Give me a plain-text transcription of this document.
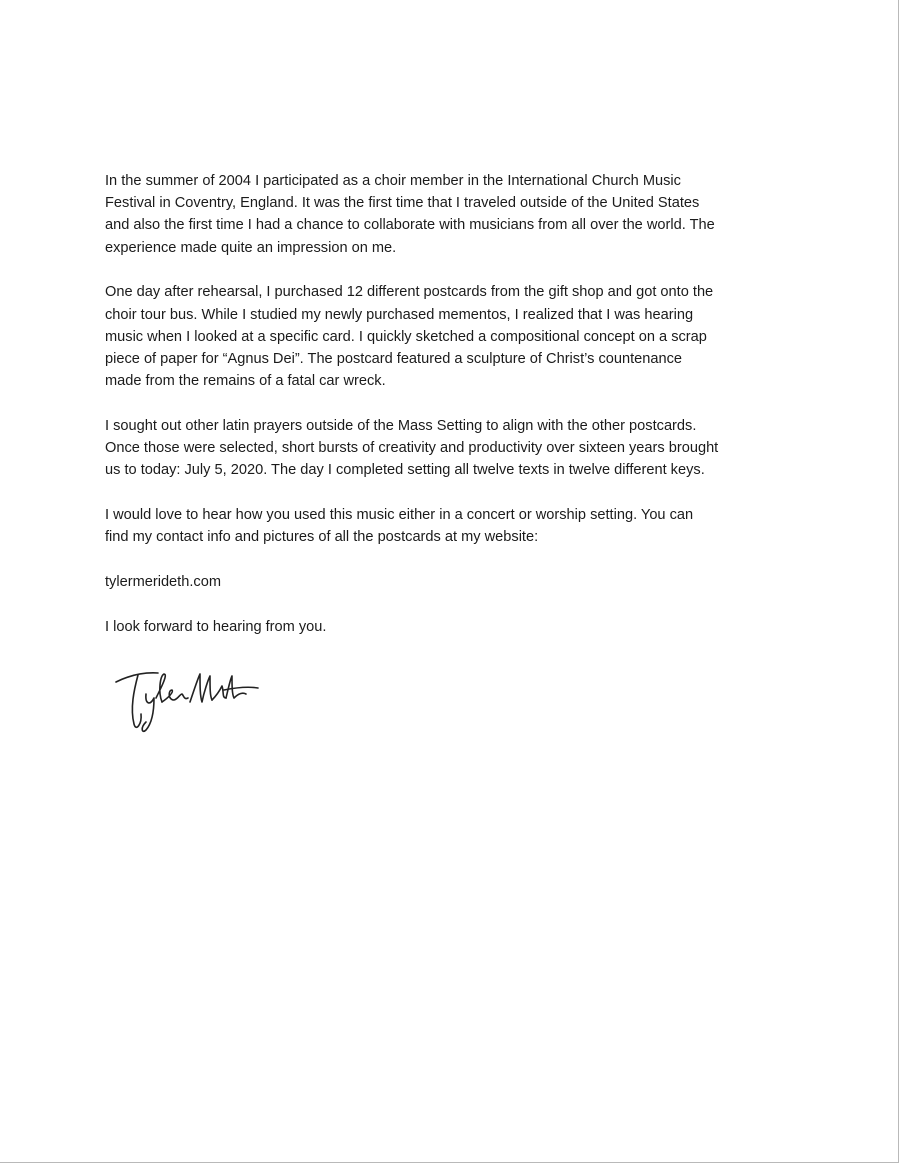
In the summer of 2004 I participated as a choir member in the International Church Music
Festival in Coventry, England. It was the first time that I traveled outside of the United States
and also the first time I had a chance to collaborate with musicians from all over the world. The
experience made quite an impression on me.

One day after rehearsal, I purchased 12 different postcards from the gift shop and got onto the
choir tour bus. While I studied my newly purchased mementos, I realized that I was hearing
music when I looked at a specific card. I quickly sketched a compositional concept on a scrap
piece of paper for “Agnus Dei”. The postcard featured a sculpture of Christ’s countenance
made from the remains of a fatal car wreck.

I sought out other latin prayers outside of the Mass Setting to align with the other postcards.
Once those were selected, short bursts of creativity and productivity over sixteen years brought
us to today: July 5, 2020. The day I completed setting all twelve texts in twelve different keys.

I would love to hear how you used this music either in a concert or worship setting. You can
find my contact info and pictures of all the postcards at my website:

tylermerideth.com

I look forward to hearing from you.
